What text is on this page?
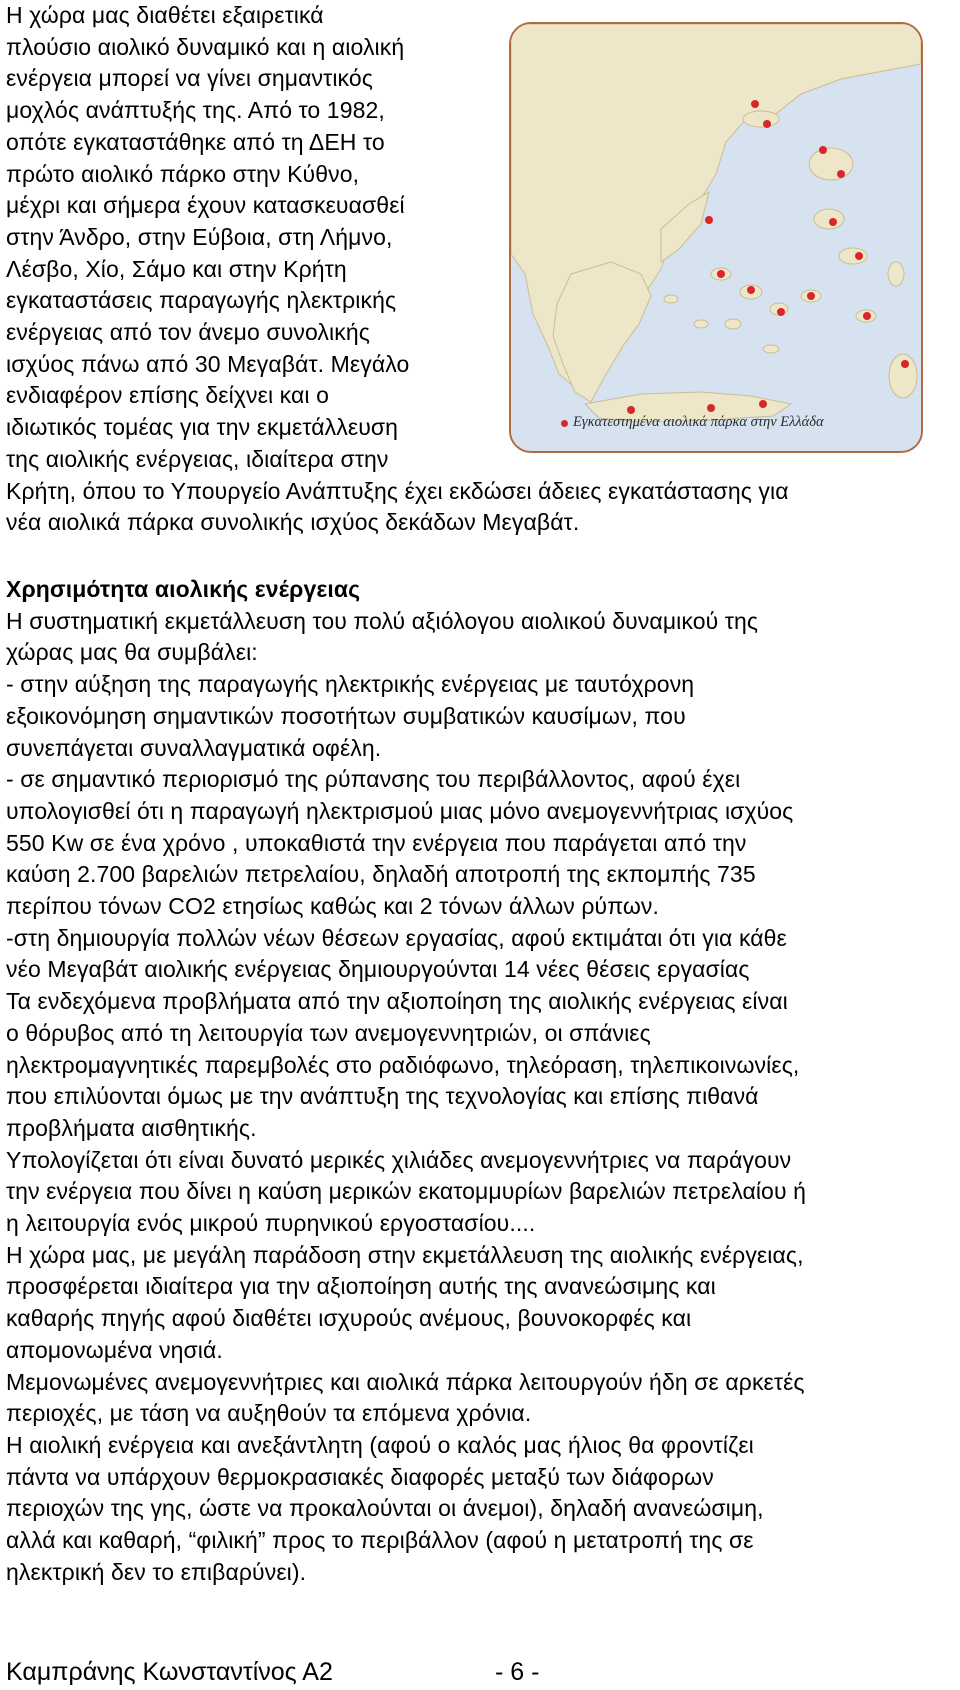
Η χώρα μας διαθέτει εξαιρετικά
πλούσιο αιολικό δυναμικό και η αιολική
ενέργεια μπορεί να γίνει σημαντικός
μοχλός ανάπτυξής της. Από το 1982,
οπότε εγκαταστάθηκε από τη ΔΕΗ το
πρώτο αιολικό πάρκο στην Κύθνο,
μέχρι και σήμερα έχουν κατασκευασθεί
στην Άνδρο, στην Εύβοια, στη Λήμνο,
Λέσβο, Χίο, Σάμο και στην Κρήτη
εγκαταστάσεις παραγωγής ηλεκτρικής
ενέργειας από τον άνεμο συνολικής
ισχύος πάνω από 30 Μεγαβάτ. Μεγάλο
ενδιαφέρον επίσης δείχνει και ο
ιδιωτικός τομέας για την εκμετάλλευση
της αιολικής ενέργειας, ιδιαίτερα στην
Κρήτη, όπου το Υπουργείο Ανάπτυξης έχει εκδώσει άδειες εγκατάστασης για
νέα αιολικά πάρκα συνολικής ισχύος δεκάδων Μεγαβάτ.
Εγκατεστημένα αιολικά πάρκα στην Ελλάδα
Χρησιμότητα αιολικής ενέργειας
Η συστηματική εκμετάλλευση του πολύ αξιόλογου αιολικού δυναμικού της
χώρας μας θα συμβάλει:
- στην αύξηση της παραγωγής ηλεκτρικής ενέργειας με ταυτόχρονη
εξοικονόμηση σημαντικών ποσοτήτων συμβατικών καυσίμων, που
συνεπάγεται συναλλαγματικά οφέλη.
- σε σημαντικό περιορισμό της ρύπανσης του περιβάλλοντος, αφού έχει
υπολογισθεί ότι η παραγωγή ηλεκτρισμού μιας μόνο ανεμογεννήτριας ισχύος
550 Kw σε ένα χρόνο , υποκαθιστά την ενέργεια που παράγεται από την
καύση 2.700 βαρελιών πετρελαίου, δηλαδή αποτροπή της εκπομπής 735
περίπου τόνων CO2 ετησίως καθώς και 2 τόνων άλλων ρύπων.
-στη δημιουργία πολλών νέων θέσεων εργασίας, αφού εκτιμάται ότι για κάθε
νέο Μεγαβάτ αιολικής ενέργειας δημιουργούνται 14 νέες θέσεις εργασίας
Τα ενδεχόμενα προβλήματα από την αξιοποίηση της αιολικής ενέργειας είναι
ο θόρυβος από τη λειτουργία των ανεμογεννητριών, οι σπάνιες
ηλεκτρομαγνητικές παρεμβολές στο ραδιόφωνο, τηλεόραση, τηλεπικοινωνίες,
που επιλύονται όμως με την ανάπτυξη της τεχνολογίας και επίσης πιθανά
προβλήματα αισθητικής.
Υπολογίζεται ότι είναι δυνατό μερικές χιλιάδες ανεμογεννήτριες να παράγουν
την ενέργεια που δίνει η καύση μερικών εκατομμυρίων βαρελιών πετρελαίου ή
η λειτουργία ενός μικρού πυρηνικού εργοστασίου....
Η χώρα μας, με μεγάλη παράδοση στην εκμετάλλευση της αιολικής ενέργειας,
προσφέρεται ιδιαίτερα για την αξιοποίηση αυτής της ανανεώσιμης και
καθαρής πηγής αφού διαθέτει ισχυρούς ανέμους, βουνοκορφές και
απομονωμένα νησιά.
Μεμονωμένες ανεμογεννήτριες και αιολικά πάρκα λειτουργούν ήδη σε αρκετές
περιοχές, με τάση να αυξηθούν τα επόμενα χρόνια.
Η αιολική ενέργεια και ανεξάντλητη (αφού ο καλός μας ήλιος θα φροντίζει
πάντα να υπάρχουν θερμοκρασιακές διαφορές μεταξύ των διάφορων
περιοχών της γης, ώστε να προκαλούνται οι άνεμοι), δηλαδή ανανεώσιμη,
αλλά και καθαρή, “φιλική” προς το περιβάλλον (αφού η μετατροπή της σε
ηλεκτρική δεν το επιβαρύνει).
Καμπράνης Κωνσταντίνος Α2	- 6 -
